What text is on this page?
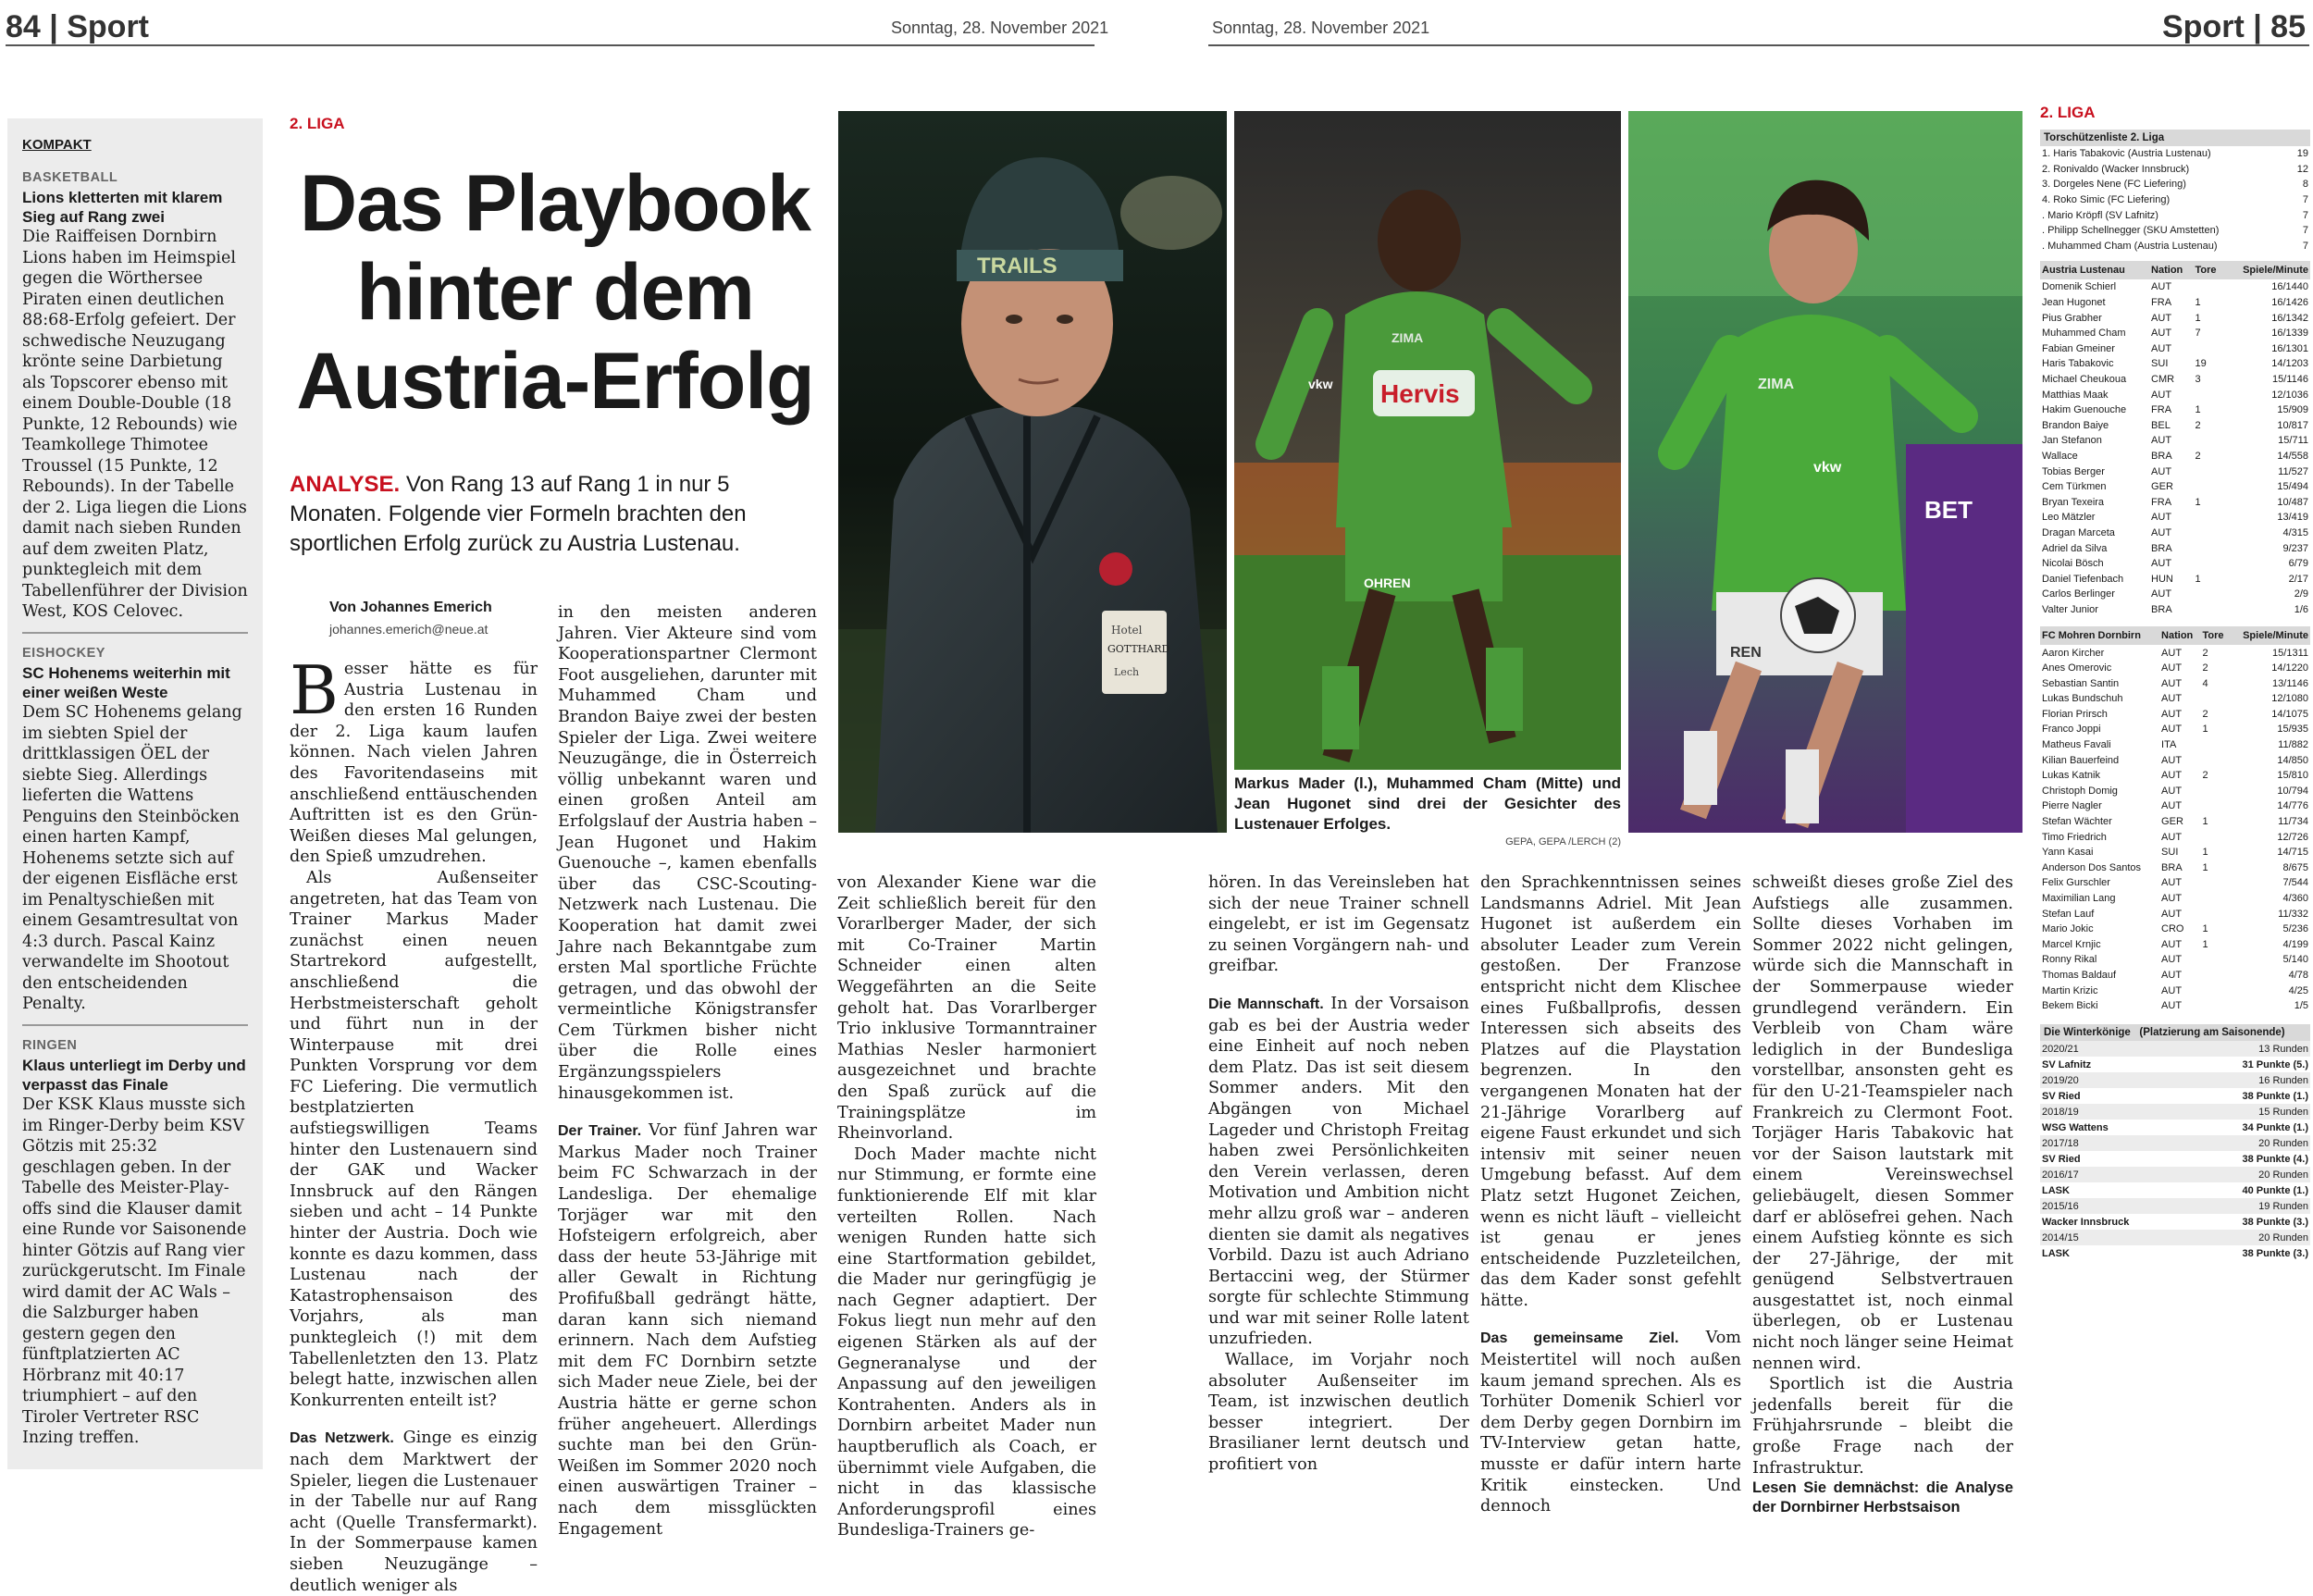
84 | Sport	Sonntag, 28. November 2021	Sonntag, 28. November 2021	Sport | 85
KOMPAKT
BASKETBALL
Lions kletterten mit klarem Sieg auf Rang zwei
Die Raiffeisen Dornbirn Lions haben im Heimspiel gegen die Wörthersee Piraten einen deutlichen 88:68-Erfolg gefeiert. Der schwedische Neuzugang krönte seine Darbietung als Topscorer ebenso mit einem Double-Double (18 Punkte, 12 Rebounds) wie Teamkollege Thimotee Troussel (15 Punkte, 12 Rebounds). In der Tabelle der 2. Liga liegen die Lions damit nach sieben Runden auf dem zweiten Platz, punktegleich mit dem Tabellenführer der Division West, KOS Celovec.
EISHOCKEY
SC Hohenems weiterhin mit einer weißen Weste
Dem SC Hohenems gelang im siebten Spiel der drittklassigen ÖEL der siebte Sieg. Allerdings lieferten die Wattens Penguins den Steinböcken einen harten Kampf, Hohenems setzte sich auf der eigenen Eisfläche erst im Penaltyschießen mit einem Gesamtresultat von 4:3 durch. Pascal Kainz verwandelte im Shootout den entscheidenden Penalty.
RINGEN
Klaus unterliegt im Derby und verpasst das Finale
Der KSK Klaus musste sich im Ringer-Derby beim KSV Götzis mit 25:32 geschlagen geben. In der Tabelle des Meister-Play-offs sind die Klauser damit eine Runde vor Saisonende hinter Götzis auf Rang vier zurückgerutscht. Im Finale wird damit der AC Wals – die Salzburger haben gestern gegen den fünftplatzierten AC Hörbranz mit 40:17 triumphiert – auf den Tiroler Vertreter RSC Inzing treffen.
2. LIGA
Das Playbook
hinter dem
Austria-Erfolg
ANALYSE. Von Rang 13 auf Rang 1 in nur 5 Monaten. Folgende vier Formeln brachten den sportlichen Erfolg zurück zu Austria Lustenau.
Von Johannes Emerich
johannes.emerich@neue.at

Besser hätte es für Austria Lustenau in den ersten 16 Runden der 2. Liga kaum laufen können. Nach vielen Jahren des Favoritendaseins mit anschließend enttäuschenden Auftritten ist es den Grün-Weißen dieses Mal gelungen, den Spieß umzudrehen.

Als Außenseiter angetreten, hat das Team von Trainer Markus Mader zunächst einen neuen Startrekord aufgestellt, anschließend die Herbstmeisterschaft geholt und führt nun in der Winterpause mit drei Punkten Vorsprung vor dem FC Liefering. Die vermutlich bestplatzierten aufstiegswilligen Teams hinter den Lustenauern sind der GAK und Wacker Innsbruck auf den Rängen sieben und acht – 14 Punkte hinter der Austria. Doch wie konnte es dazu kommen, dass Lustenau nach der Katastrophensaison des Vorjahrs, als man punktegleich (!) mit dem Tabellenletzten den 13. Platz belegt hatte, inzwischen allen Konkurrenten enteilt ist?

Das Netzwerk. Ginge es einzig nach dem Marktwert der Spieler, liegen die Lustenauer in der Tabelle nur auf Rang acht (Quelle Transfermarkt). In der Sommerpause kamen sieben Neuzugänge – deutlich weniger als

in den meisten anderen Jahren. Vier Akteure sind vom Kooperationspartner Clermont Foot ausgeliehen, darunter mit Muhammed Cham und Brandon Baiye zwei der besten Spieler der Liga. Zwei weitere Neuzugänge, die in Österreich völlig unbekannt waren und einen großen Anteil am Erfolgslauf der Austria haben – Jean Hugonet und Hakim Guenouche –, kamen ebenfalls über das CSC-Scouting-Netzwerk nach Lustenau. Die Kooperation hat damit zwei Jahre nach Bekanntgabe zum ersten Mal sportliche Früchte getragen, und das obwohl der vermeintliche Königstransfer Cem Türkmen bisher nicht über die Rolle eines Ergänzungsspielers hinausgekommen ist.

Der Trainer. Vor fünf Jahren war Markus Mader noch Trainer beim FC Schwarzach in der Landesliga. Der ehemalige Torjäger war mit den Hofsteigern erfolgreich, aber dass der heute 53-Jährige mit aller Gewalt in Richtung Profifußball gedrängt hätte, daran kann sich niemand erinnern. Nach dem Aufstieg mit dem FC Dornbirn setzte sich Mader neue Ziele, bei der Austria hätte er gerne schon früher angeheuert. Allerdings suchte man bei den Grün-Weißen im Sommer 2020 noch einen auswärtigen Trainer – nach dem missglückten Engagement

von Alexander Kiene war die Zeit schließlich bereit für den Vorarlberger Mader, der sich mit Co-Trainer Martin Schneider einen alten Weggefährten an die Seite geholt hat. Das Vorarlberger Trio inklusive Tormanntrainer Mathias Nesler harmoniert ausgezeichnet und brachte den Spaß zurück auf die Trainingsplätze im Rheinvorland.

Doch Mader machte nicht nur Stimmung, er formte eine funktionierende Elf mit klar verteilten Rollen. Nach wenigen Runden hatte sich eine Startformation gebildet, die Mader nur geringfügig je nach Gegner adaptiert. Der Fokus liegt nun mehr auf den eigenen Stärken als auf der Gegneranalyse und der Anpassung auf den jeweiligen Kontrahenten. Anders als in Dornbirn arbeitet Mader nun hauptberuflich als Coach, er übernimmt viele Aufgaben, die nicht in das klassische Anforderungsprofil eines Bundesliga-Trainers ge-

hören. In das Vereinsleben hat sich der neue Trainer schnell eingelebt, er ist im Gegensatz zu seinen Vorgängern nah- und greifbar.

Die Mannschaft. In der Vorsaison gab es bei der Austria weder eine Einheit auf noch neben dem Platz. Das ist seit diesem Sommer anders. Mit den Abgängen von Michael Lageder und Christoph Freitag haben zwei Persönlichkeiten den Verein verlassen, deren Motivation und Ambition nicht mehr allzu groß war – anderen dienten sie damit als negatives Vorbild. Dazu ist auch Adriano Bertaccini weg, der Stürmer sorgte für schlechte Stimmung und war mit seiner Rolle latent unzufrieden.

Wallace, im Vorjahr noch absoluter Außenseiter im Team, ist inzwischen deutlich besser integriert. Der Brasilianer lernt deutsch und profitiert von

den Sprachkenntnissen seines Landsmanns Adriel. Mit Jean Hugonet ist außerdem ein absoluter Leader zum Verein gestoßen. Der Franzose entspricht nicht dem Klischee eines Fußballprofis, dessen Interessen sich abseits des Platzes auf die Playstation begrenzen. In den vergangenen Monaten hat der 21-Jährige Vorarlberg auf eigene Faust erkundet und sich intensiv mit seiner neuen Umgebung befasst. Auf dem Platz setzt Hugonet Zeichen, wenn es nicht läuft – vielleicht ist genau er jenes entscheidende Puzzleteilchen, das dem Kader sonst gefehlt hätte.

Das gemeinsame Ziel. Vom Meistertitel will noch außen kaum jemand sprechen. Als es Torhüter Domenik Schierl vor dem Derby gegen Dornbirn im TV-Interview getan hatte, musste er dafür intern harte Kritik einstecken. Und dennoch

schweißt dieses große Ziel des Aufstiegs alle zusammen. Sollte dieses Vorhaben im Sommer 2022 nicht gelingen, würde sich die Mannschaft in der Sommerpause wieder grundlegend verändern. Ein Verbleib von Cham wäre lediglich in der Bundesliga vorstellbar, ansonsten geht es für den U-21-Teamspieler nach Frankreich zu Clermont Foot. Torjäger Haris Tabakovic hat vor der Saison lautstark mit einem Vereinswechsel geliebäugelt, diesen Sommer darf er ablösefrei gehen. Nach einem Aufstieg könnte es sich der 27-Jährige, der mit genügend Selbstvertrauen ausgestattet ist, noch einmal überlegen, ob er Lustenau nicht noch länger seine Heimat nennen wird.

Sportlich ist die Austria jedenfalls bereit für die Frühjahrsrunde – bleibt die große Frage nach der Infrastruktur.

Lesen Sie demnächst: die Analyse der Dornbirner Herbstsaison

TRAILS
Hotel
GOTTHARD
Lech
Hervis
ZIMA
vkw
OHREN
BET
ZIMA
vkw
REN
Markus Mader (l.), Muhammed Cham (Mitte) und Jean Hugonet sind drei der Gesichter des Lustenauer Erfolges.
GEPA, GEPA /LERCH (2)
2. LIGA
Torschützenliste 2. Liga
1. Haris Tabakovic (Austria Lustenau)	19
2. Ronivaldo (Wacker Innsbruck)	12
3. Dorgeles Nene (FC Liefering)	8
4. Roko Simic (FC Liefering)	7
. Mario Kröpfl (SV Lafnitz)	7
. Philipp Schellnegger (SKU Amstetten)	7
. Muhammed Cham (Austria Lustenau)	7
Austria Lustenau	Nation	Tore	Spiele/Minute
Domenik Schierl	AUT		16/1440
Jean Hugonet	FRA	1	16/1426
Pius Grabher	AUT	1	16/1342
Muhammed Cham	AUT	7	16/1339
Fabian Gmeiner	AUT		16/1301
Haris Tabakovic	SUI	19	14/1203
Michael Cheukoua	CMR	3	15/1146
Matthias Maak	AUT		12/1036
Hakim Guenouche	FRA	1	15/909
Brandon Baiye	BEL	2	10/817
Jan Stefanon	AUT		15/711
Wallace	BRA	2	14/558
Tobias Berger	AUT		11/527
Cem Türkmen	GER		15/494
Bryan Texeira	FRA	1	10/487
Leo Mätzler	AUT		13/419
Dragan Marceta	AUT		4/315
Adriel da Silva	BRA		9/237
Nicolai Bösch	AUT		6/79
Daniel Tiefenbach	HUN	1	2/17
Carlos Berlinger	AUT		2/9
Valter Junior	BRA		1/6
FC Mohren Dornbirn	Nation	Tore	Spiele/Minute
Aaron Kircher	AUT	2	15/1311
Anes Omerovic	AUT	2	14/1220
Sebastian Santin	AUT	4	13/1146
Lukas Bundschuh	AUT		12/1080
Florian Prirsch	AUT	2	14/1075
Franco Joppi	AUT	1	15/935
Matheus Favali	ITA		11/882
Kilian Bauerfeind	AUT		14/850
Lukas Katnik	AUT	2	15/810
Christoph Domig	AUT		10/794
Pierre Nagler	AUT		14/776
Stefan Wächter	GER	1	11/734
Timo Friedrich	AUT		12/726
Yann Kasai	SUI	1	14/715
Anderson Dos Santos	BRA	1	8/675
Felix Gurschler	AUT		7/544
Maximilian Lang	AUT		4/360
Stefan Lauf	AUT		11/332
Mario Jokic	CRO	1	5/236
Marcel Krnjic	AUT	1	4/199
Ronny Rikal	AUT		5/140
Thomas Baldauf	AUT		4/78
Martin Krizic	AUT		4/25
Bekem Bicki	AUT		1/5
Die Winterkönige (Platzierung am Saisonende)
2020/21	13 Runden
SV Lafnitz	31 Punkte (5.)
2019/20	16 Runden
SV Ried	38 Punkte (1.)
2018/19	15 Runden
WSG Wattens	34 Punkte (1.)
2017/18	20 Runden
SV Ried	38 Punkte (4.)
2016/17	20 Runden
LASK	40 Punkte (1.)
2015/16	19 Runden
Wacker Innsbruck	38 Punkte (3.)
2014/15	20 Runden
LASK	38 Punkte (3.)
